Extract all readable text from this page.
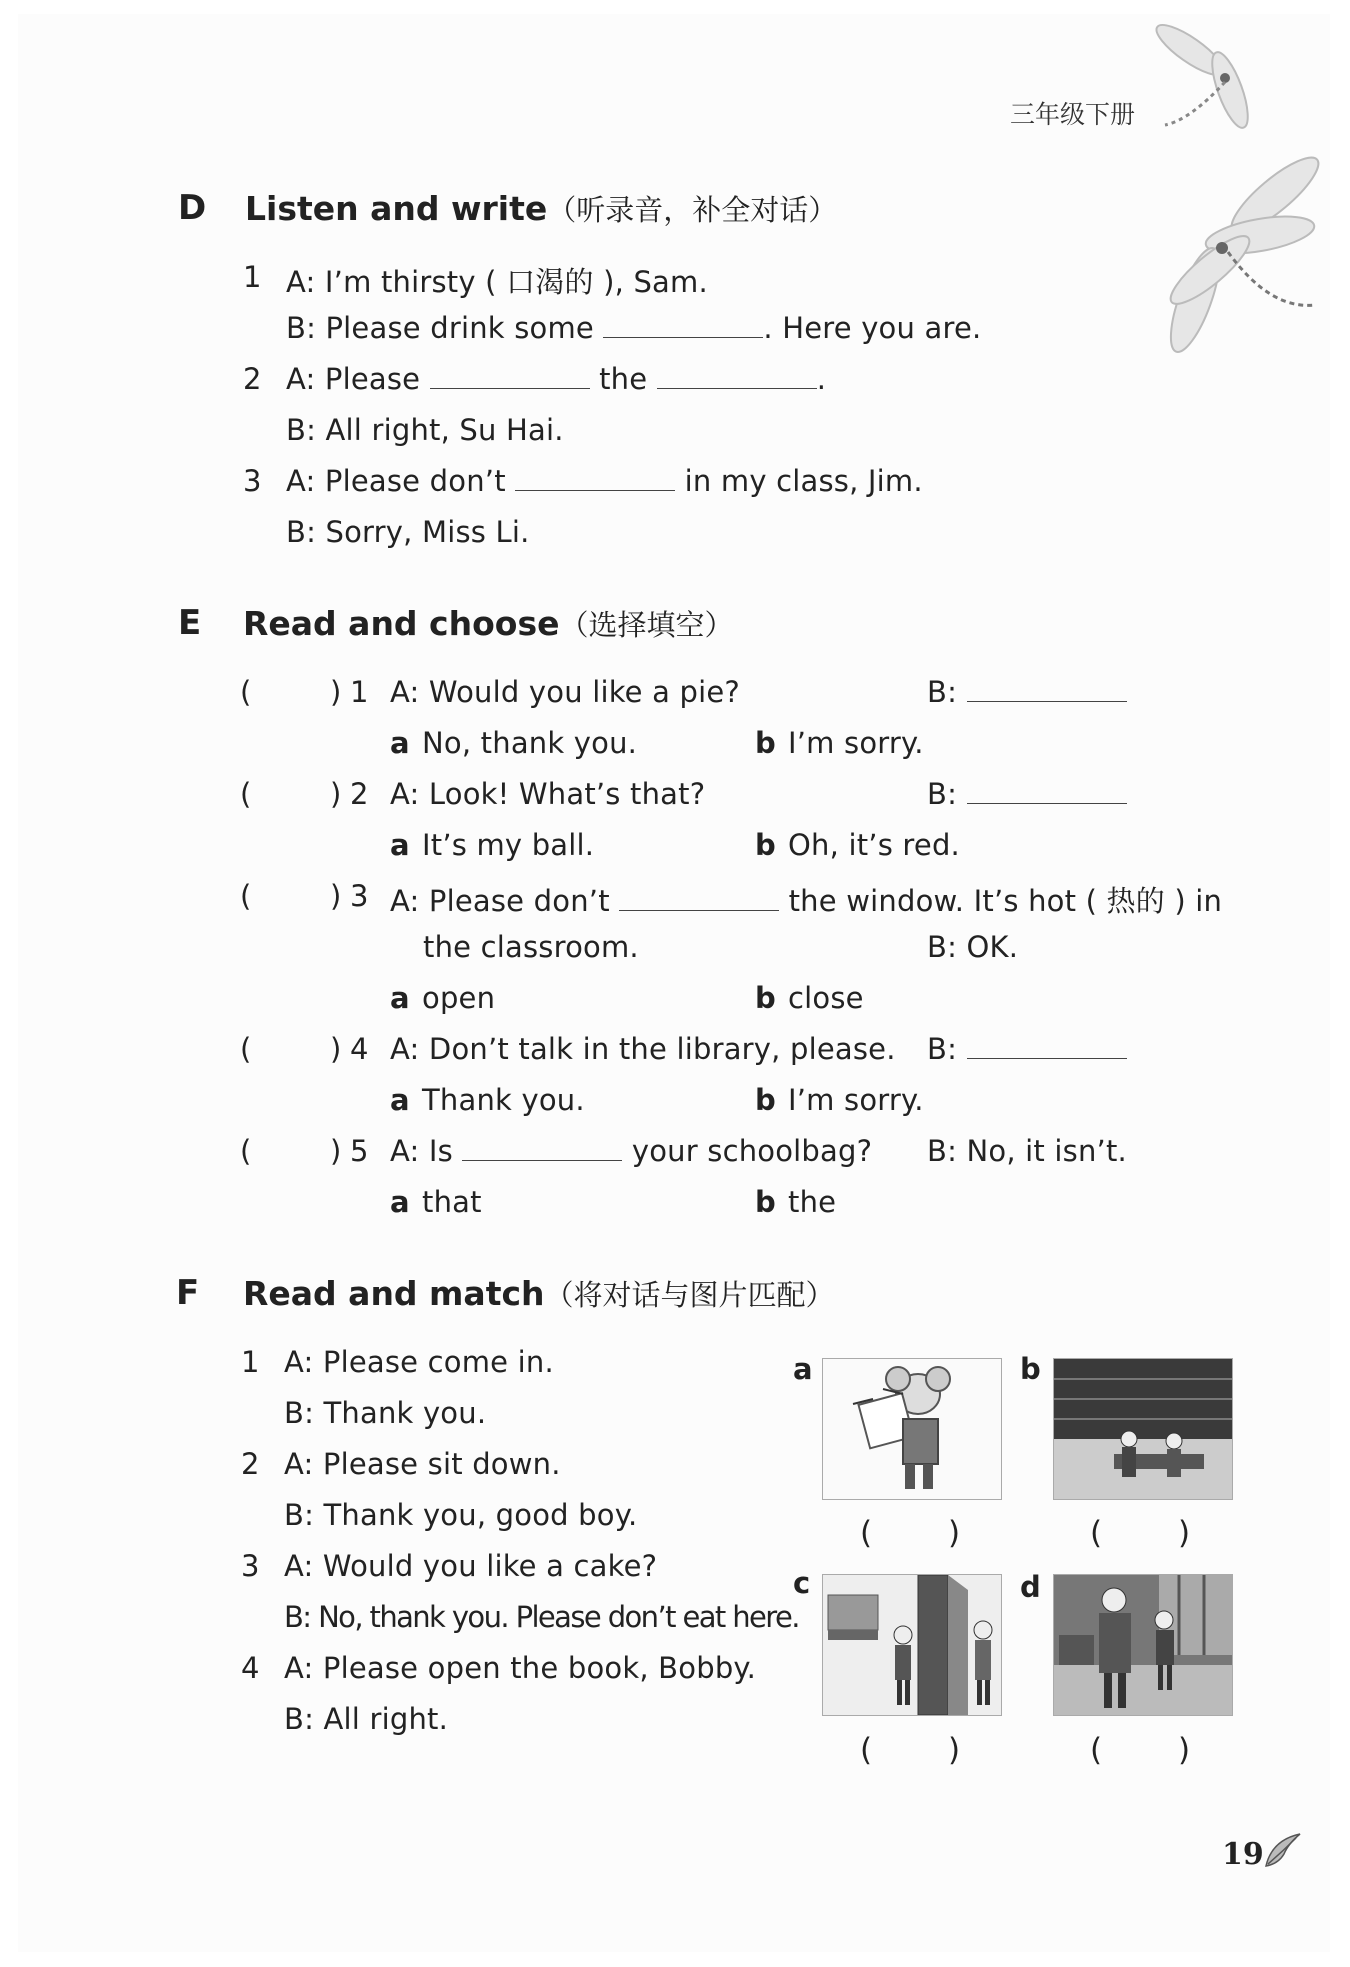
三年级下册
D Listen and write（听录音，补全对话）
1 A: I’m thirsty ( 口渴的 ), Sam.
B: Please drink some	. Here you are.
2 A: Please	the	.
B: All right, Su Hai.
3 A: Please don’t	in my class, Jim.
B: Sorry, Miss Li.
E Read and choose（选择填空）
(	) 1 A: Would you like a pie?	B:
a No, thank you.	b I’m sorry.
(	) 2 A: Look! What’s that?	B:
a It’s my ball.	b Oh, it’s red.
(	) 3 A: Please don’t	the window. It’s hot ( 热的 ) in
the classroom.	B: OK.
a open	b close
(	) 4 A: Don’t talk in the library, please. B:
a Thank you.	b I’m sorry.
(	) 5 A: Is	your schoolbag? B: No, it isn’t.
a that	b the
F Read and match（将对话与图片匹配）
1 A: Please come in.
B: Thank you.
2 A: Please sit down.
B: Thank you, good boy.
3 A: Would you like a cake?
B: No, thank you. Please don’t eat here.
4 A: Please open the book, Bobby.
B: All right.
a	b
( )	( )
c	d
( )	( )
19
